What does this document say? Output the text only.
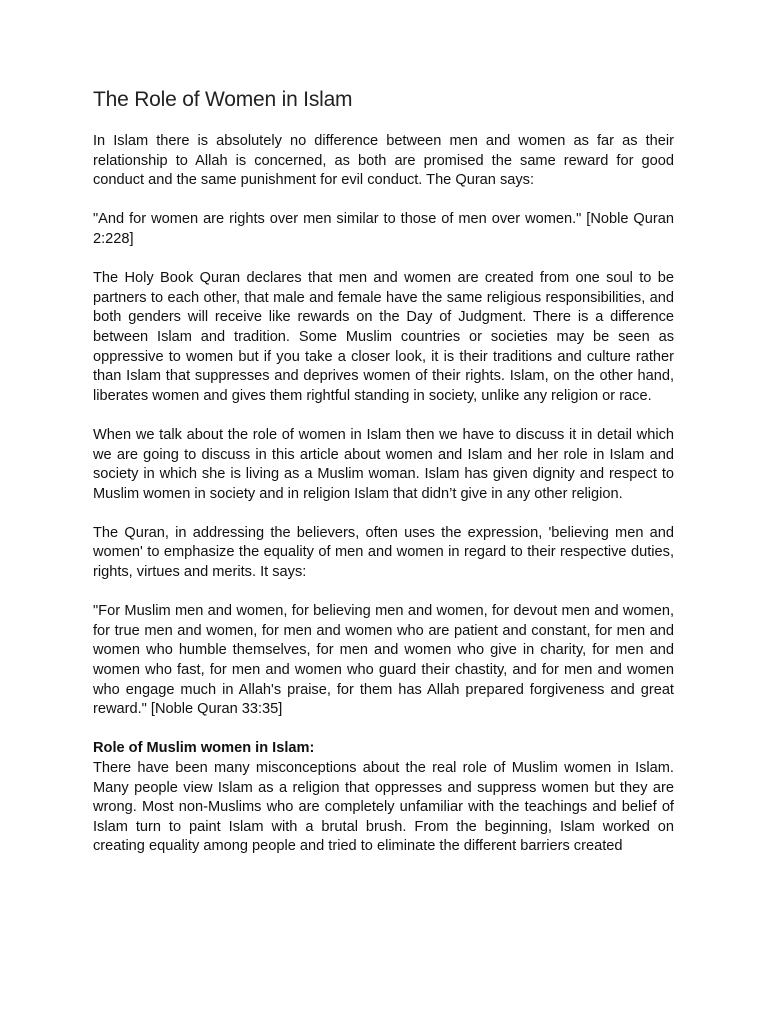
The Role of Women in Islam

In Islam there is absolutely no difference between men and women as far as their relationship to Allah is concerned, as both are promised the same reward for good conduct and the same punishment for evil conduct. The Quran says:

"And for women are rights over men similar to those of men over women." [Noble Quran 2:228]

The Holy Book Quran declares that men and women are created from one soul to be partners to each other, that male and female have the same religious responsibilities, and both genders will receive like rewards on the Day of Judgment. There is a difference between Islam and tradition. Some Muslim countries or societies may be seen as oppressive to women but if you take a closer look, it is their traditions and culture rather than Islam that suppresses and deprives women of their rights. Islam, on the other hand, liberates women and gives them rightful standing in society, unlike any religion or race.

When we talk about the role of women in Islam then we have to discuss it in detail which we are going to discuss in this article about women and Islam and her role in Islam and society in which she is living as a Muslim woman. Islam has given dignity and respect to Muslim women in society and in religion Islam that didn’t give in any other religion.

The Quran, in addressing the believers, often uses the expression, 'believing men and women' to emphasize the equality of men and women in regard to their respective duties, rights, virtues and merits. It says:

"For Muslim men and women, for believing men and women, for devout men and women, for true men and women, for men and women who are patient and constant, for men and women who humble themselves, for men and women who give in charity, for men and women who fast, for men and women who guard their chastity, and for men and women who engage much in Allah's praise, for them has Allah prepared forgiveness and great reward." [Noble Quran 33:35]

Role of Muslim women in Islam:

There have been many misconceptions about the real role of Muslim women in Islam. Many people view Islam as a religion that oppresses and suppress women but they are wrong. Most non-Muslims who are completely unfamiliar with the teachings and belief of Islam turn to paint Islam with a brutal brush. From the beginning, Islam worked on creating equality among people and tried to eliminate the different barriers created
